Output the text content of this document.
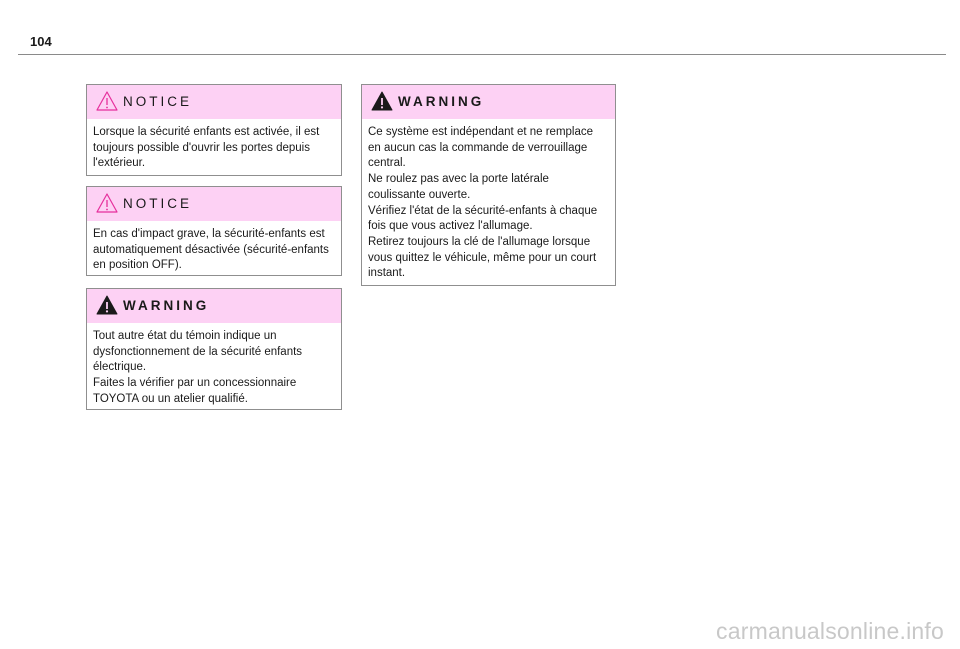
104
NOTICE

Lorsque la sécurité enfants est activée, il est toujours possible d'ouvrir les portes depuis l'extérieur.

NOTICE

En cas d'impact grave, la sécurité-enfants est automatiquement désactivée (sécurité-enfants en position OFF).

WARNING

Tout autre état du témoin indique un dysfonctionnement de la sécurité enfants électrique.

Faites la vérifier par un concessionnaire TOYOTA ou un atelier qualifié.

WARNING

Ce système est indépendant et ne remplace en aucun cas la commande de verrouillage central.

Ne roulez pas avec la porte latérale coulissante ouverte.

Vérifiez l'état de la sécurité-enfants à chaque fois que vous activez l'allumage.

Retirez toujours la clé de l'allumage lorsque vous quittez le véhicule, même pour un court instant.

carmanualsonline.info
